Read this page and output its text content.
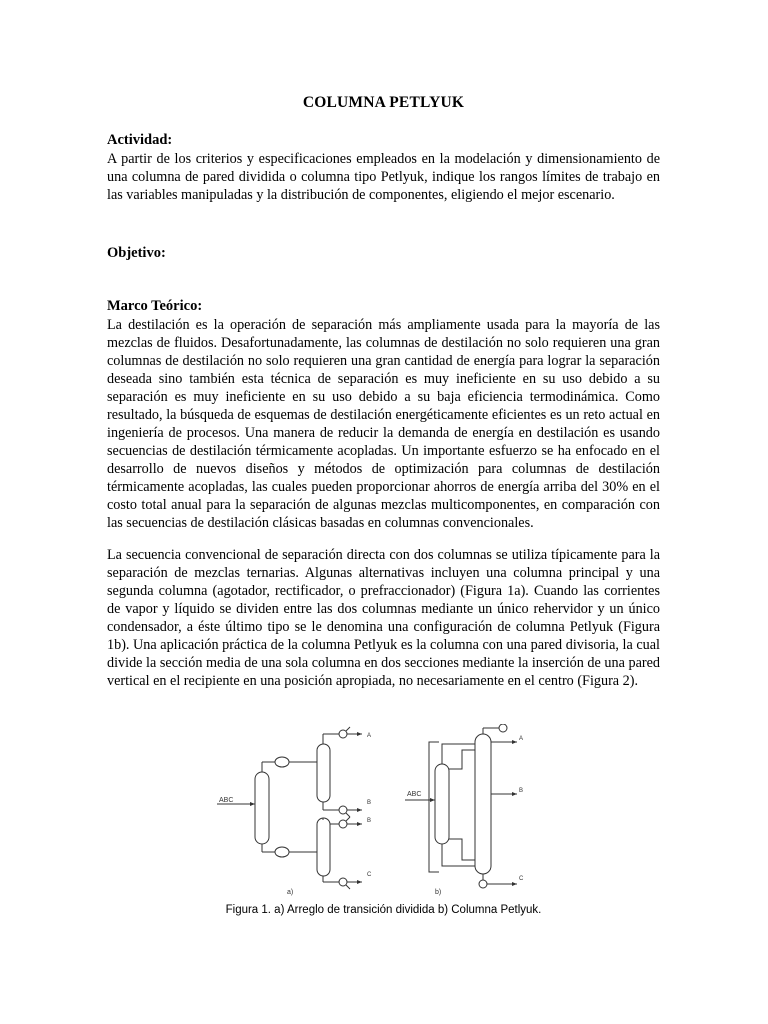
COLUMNA PETLYUK
Actividad:
A partir de los criterios y especificaciones empleados en la modelación y dimensionamiento de una columna de pared dividida o columna tipo Petlyuk, indique los rangos límites de trabajo en las variables manipuladas y la distribución de componentes, eligiendo el mejor escenario.
Objetivo:
Marco Teórico:
La destilación es la operación de separación más ampliamente usada para la mayoría de las mezclas de fluidos. Desafortunadamente, las columnas de destilación no solo requieren una gran columnas de destilación no solo requieren una gran cantidad de energía para lograr la separación deseada sino también esta técnica de separación es muy ineficiente en su uso debido a su separación es muy ineficiente en su uso debido a su baja eficiencia termodinámica. Como resultado, la búsqueda de esquemas de destilación energéticamente eficientes es un reto actual en ingeniería de procesos. Una manera de reducir la demanda de energía en destilación es usando secuencias de destilación térmicamente acopladas. Un importante esfuerzo se ha enfocado en el desarrollo de nuevos diseños y métodos de optimización para columnas de destilación térmicamente acopladas, las cuales pueden proporcionar ahorros de energía arriba del 30% en el costo total anual para la separación de algunas mezclas multicomponentes, en comparación con las secuencias de destilación clásicas basadas en columnas convencionales.
La secuencia convencional de separación directa con dos columnas se utiliza típicamente para la separación de mezclas ternarias. Algunas alternativas incluyen una columna principal y una segunda columna (agotador, rectificador, o prefraccionador) (Figura 1a). Cuando las corrientes de vapor y líquido se dividen entre las dos columnas mediante un único rehervidor y un único condensador, a éste último tipo se le denomina una configuración de columna Petlyuk (Figura 1b). Una aplicación práctica de la columna Petlyuk es la columna con una pared divisoria, la cual divide la sección media de una sola columna en dos secciones mediante la inserción de una pared vertical en el recipiente en una posición apropiada, no necesariamente en el centro (Figura 2).
ABC
A
B
B
C
a)
ABC
A
B
C
b)
Figura 1. a) Arreglo de transición dividida b) Columna Petlyuk.
